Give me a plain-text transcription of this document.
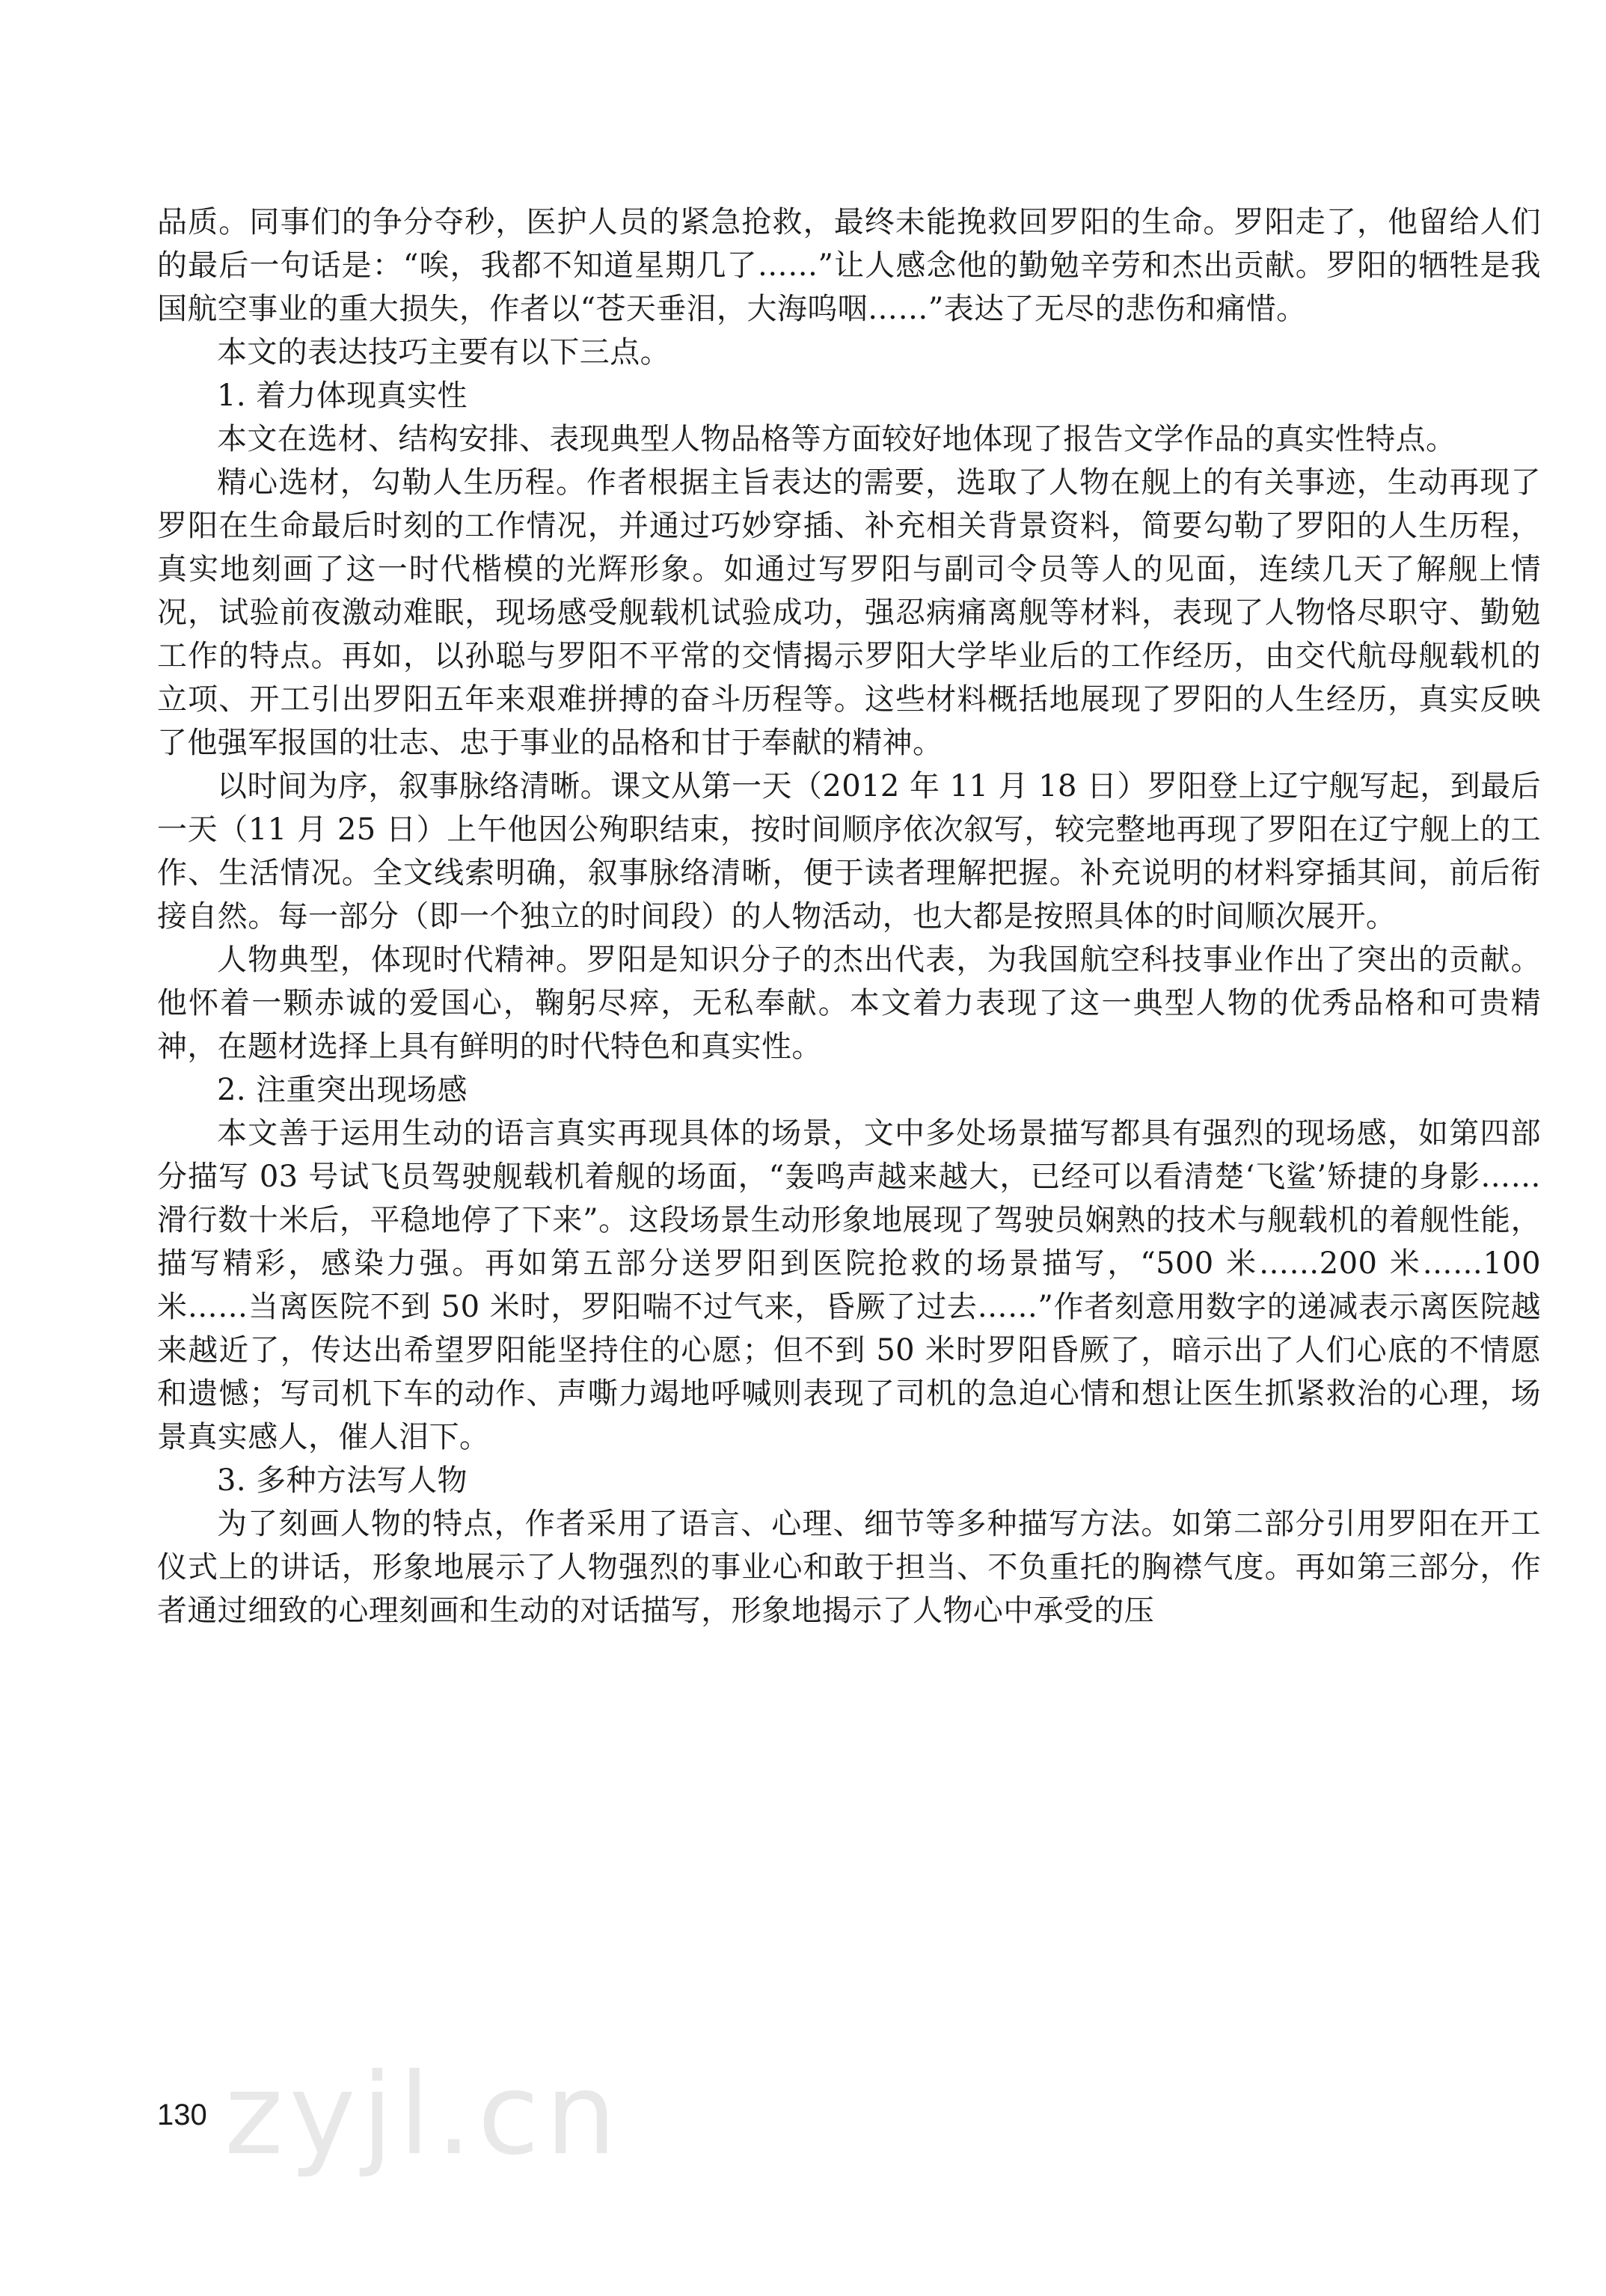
品质。同事们的争分夺秒，医护人员的紧急抢救，最终未能挽救回罗阳的生命。罗阳走了，他留给人们的最后一句话是：“唉，我都不知道星期几了……”让人感念他的勤勉辛劳和杰出贡献。罗阳的牺牲是我国航空事业的重大损失，作者以“苍天垂泪，大海呜咽……”表达了无尽的悲伤和痛惜。

本文的表达技巧主要有以下三点。

1. 着力体现真实性

本文在选材、结构安排、表现典型人物品格等方面较好地体现了报告文学作品的真实性特点。

精心选材，勾勒人生历程。作者根据主旨表达的需要，选取了人物在舰上的有关事迹，生动再现了罗阳在生命最后时刻的工作情况，并通过巧妙穿插、补充相关背景资料，简要勾勒了罗阳的人生历程，真实地刻画了这一时代楷模的光辉形象。如通过写罗阳与副司令员等人的见面，连续几天了解舰上情况，试验前夜激动难眠，现场感受舰载机试验成功，强忍病痛离舰等材料，表现了人物恪尽职守、勤勉工作的特点。再如，以孙聪与罗阳不平常的交情揭示罗阳大学毕业后的工作经历，由交代航母舰载机的立项、开工引出罗阳五年来艰难拼搏的奋斗历程等。这些材料概括地展现了罗阳的人生经历，真实反映了他强军报国的壮志、忠于事业的品格和甘于奉献的精神。

以时间为序，叙事脉络清晰。课文从第一天（2012 年 11 月 18 日）罗阳登上辽宁舰写起，到最后一天（11 月 25 日）上午他因公殉职结束，按时间顺序依次叙写，较完整地再现了罗阳在辽宁舰上的工作、生活情况。全文线索明确，叙事脉络清晰，便于读者理解把握。补充说明的材料穿插其间，前后衔接自然。每一部分（即一个独立的时间段）的人物活动，也大都是按照具体的时间顺次展开。

人物典型，体现时代精神。罗阳是知识分子的杰出代表，为我国航空科技事业作出了突出的贡献。他怀着一颗赤诚的爱国心，鞠躬尽瘁，无私奉献。本文着力表现了这一典型人物的优秀品格和可贵精神，在题材选择上具有鲜明的时代特色和真实性。

2. 注重突出现场感

本文善于运用生动的语言真实再现具体的场景，文中多处场景描写都具有强烈的现场感，如第四部分描写 03 号试飞员驾驶舰载机着舰的场面，“轰鸣声越来越大，已经可以看清楚‘飞鲨’矫捷的身影……滑行数十米后，平稳地停了下来”。这段场景生动形象地展现了驾驶员娴熟的技术与舰载机的着舰性能，描写精彩，感染力强。再如第五部分送罗阳到医院抢救的场景描写，“500 米……200 米……100 米……当离医院不到 50 米时，罗阳喘不过气来，昏厥了过去……”作者刻意用数字的递减表示离医院越来越近了，传达出希望罗阳能坚持住的心愿；但不到 50 米时罗阳昏厥了，暗示出了人们心底的不情愿和遗憾；写司机下车的动作、声嘶力竭地呼喊则表现了司机的急迫心情和想让医生抓紧救治的心理，场景真实感人，催人泪下。

3. 多种方法写人物

为了刻画人物的特点，作者采用了语言、心理、细节等多种描写方法。如第二部分引用罗阳在开工仪式上的讲话，形象地展示了人物强烈的事业心和敢于担当、不负重托的胸襟气度。再如第三部分，作者通过细致的心理刻画和生动的对话描写，形象地揭示了人物心中承受的压

zyjl.cn
130
